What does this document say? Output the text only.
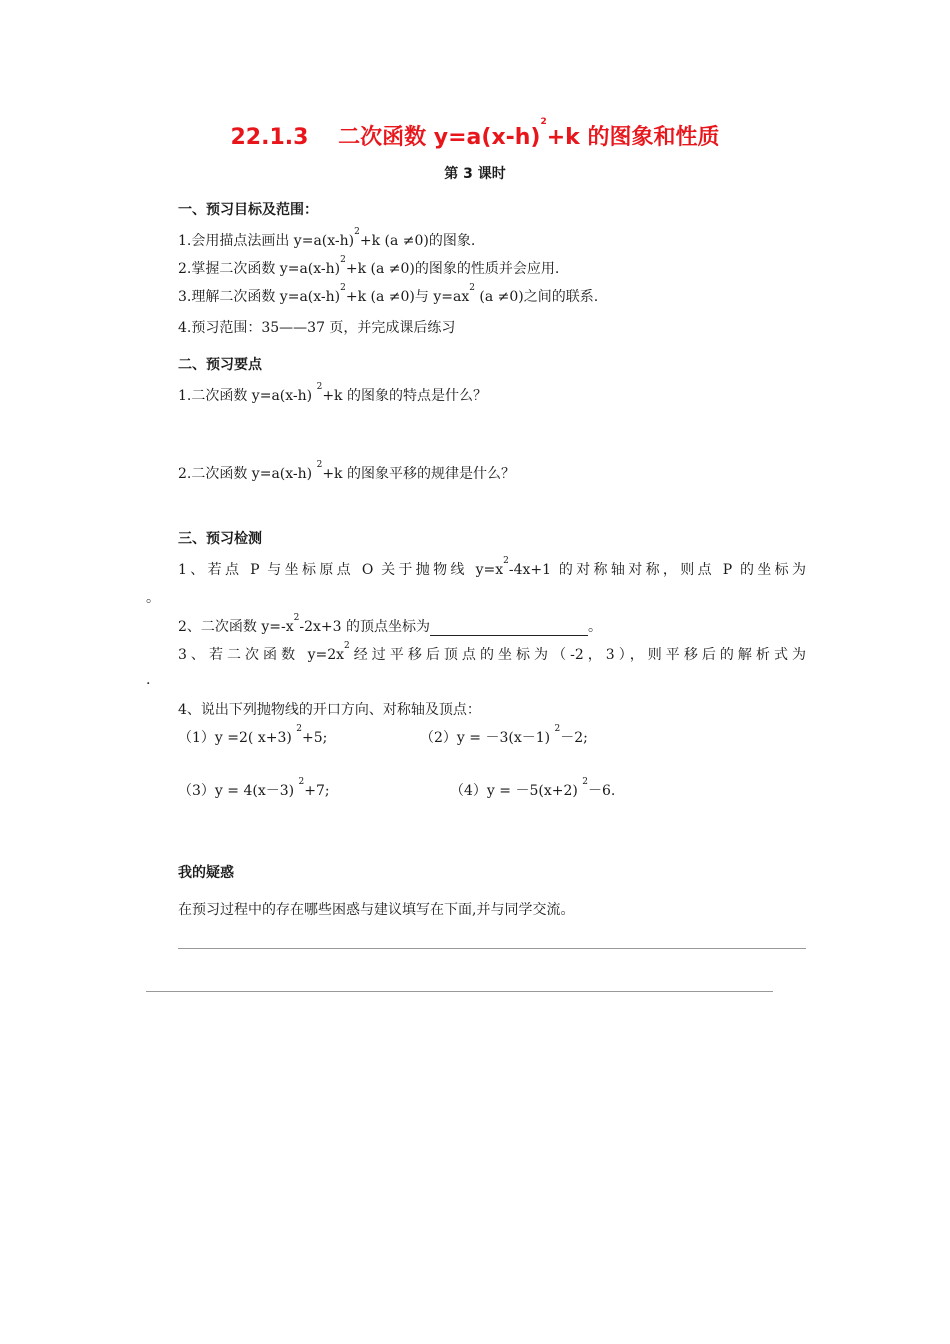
22.1.3　 二次函数 $y=a(x-h)^2+k$ 的图象和性质
第 3 课时
一、预习目标及范围：
1.会用描点法画出 $y=a(x-h)^2+k$ (a ≠0)的图象.
2.掌握二次函数 $y=a(x-h)^2+k$ (a ≠0)的图象的性质并会应用.
3.理解二次函数 $y=a(x-h)^2+k$ (a ≠0)与 $y=ax^2$ (a ≠0)之间的联系.
4.预习范围：35——37 页，并完成课后练习
二、预习要点
1.二次函数 y=a(x-h) $^2$+k 的图象的特点是什么？
2.二次函数 y=a(x-h) $^2$+k 的图象平移的规律是什么？
三、预习检测
1、若点 P 与坐标原点 O 关于抛物线 $y=x^2-4x+1$ 的对称轴对称，则点 P 的坐标为
。
2、二次函数 $y=-x^2-2x+3$ 的顶点坐标为	。
3、若二次函数 $y=2x^2$经过平移后顶点的坐标为（-2，3），则平移后的解析式为
.
4、说出下列抛物线的开口方向、对称轴及顶点：
（1）y =2( x+3) $^2$+5;	（2）y = －3(x－1) $^2$－2;
（3）y = 4(x－3) $^2$+7;	（4）y = －5(x+2) $^2$－6.
我的疑惑
在预习过程中的存在哪些困惑与建议填写在下面,并与同学交流。
